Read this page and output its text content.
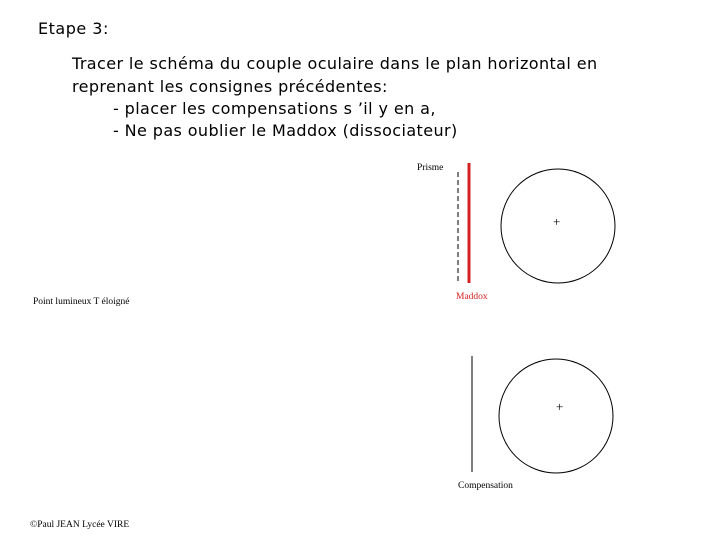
Etape 3:
Tracer le schéma du couple oculaire dans le plan horizontal en
reprenant les consignes précédentes:
- placer les compensations s ’il y en a,
- Ne pas oublier le Maddox (dissociateur)
+
+
Prisme
Point lumineux T éloigné	Maddox
Compensation
©Paul JEAN Lycée VIRE
